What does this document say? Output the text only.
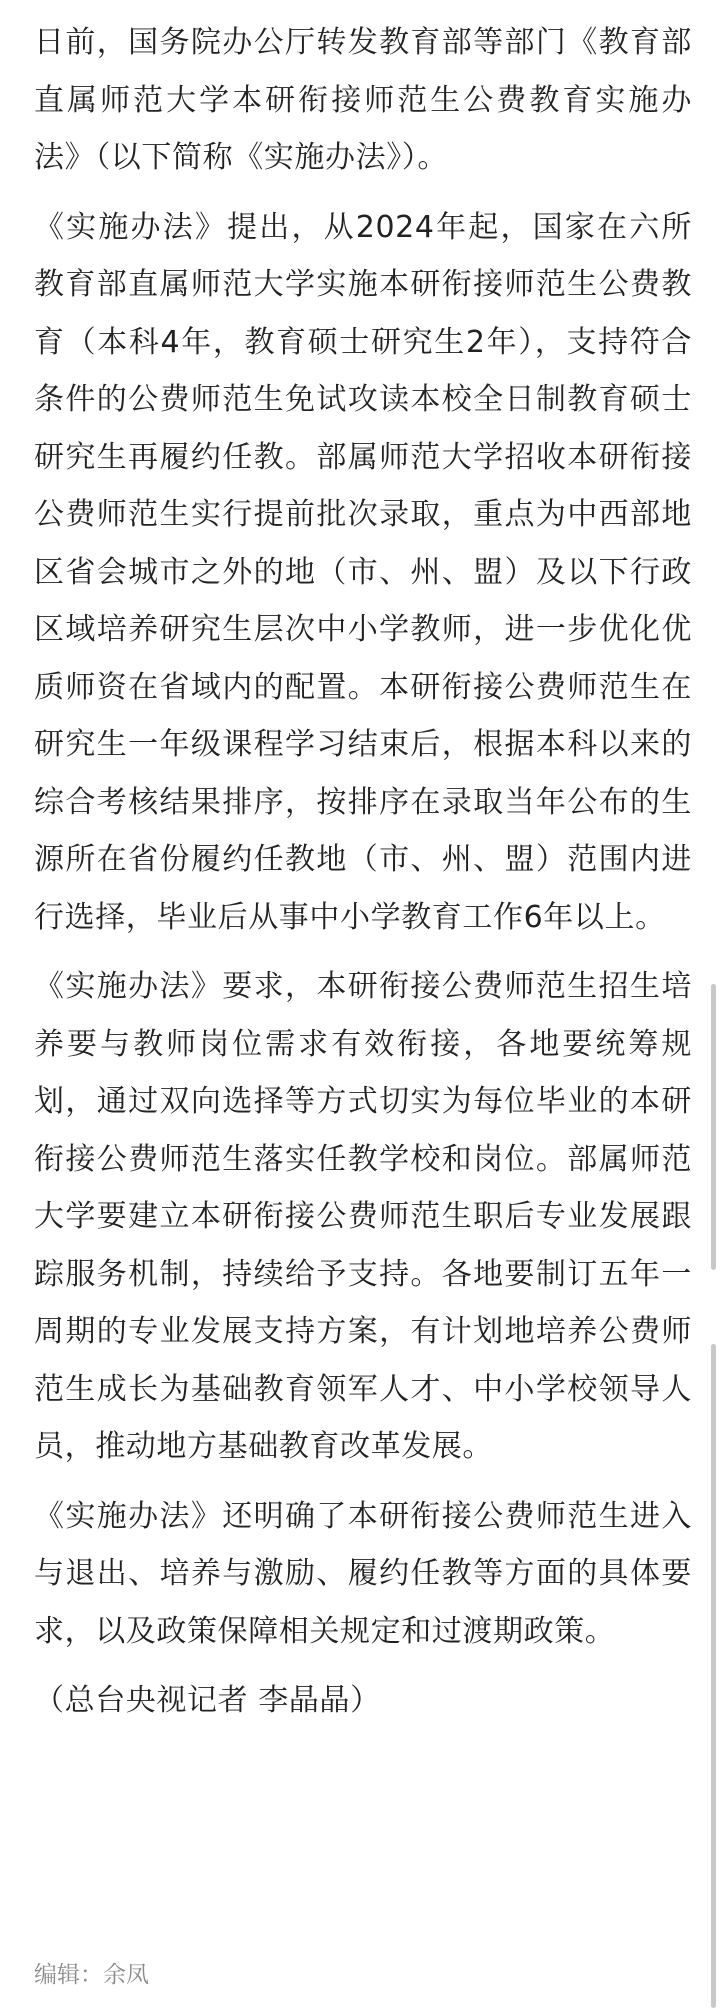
日前，国务院办公厅转发教育部等部门《教育部直属师范大学本研衔接师范生公费教育实施办法》（以下简称《实施办法》）。

《实施办法》提出，从2024年起，国家在六所教育部直属师范大学实施本研衔接师范生公费教育（本科4年，教育硕士研究生2年），支持符合条件的公费师范生免试攻读本校全日制教育硕士研究生再履约任教。部属师范大学招收本研衔接公费师范生实行提前批次录取，重点为中西部地区省会城市之外的地（市、州、盟）及以下行政区域培养研究生层次中小学教师，进一步优化优质师资在省域内的配置。本研衔接公费师范生在研究生一年级课程学习结束后，根据本科以来的综合考核结果排序，按排序在录取当年公布的生源所在省份履约任教地（市、州、盟）范围内进行选择，毕业后从事中小学教育工作6年以上。

《实施办法》要求，本研衔接公费师范生招生培养要与教师岗位需求有效衔接，各地要统筹规划，通过双向选择等方式切实为每位毕业的本研衔接公费师范生落实任教学校和岗位。部属师范大学要建立本研衔接公费师范生职后专业发展跟踪服务机制，持续给予支持。各地要制订五年一周期的专业发展支持方案，有计划地培养公费师范生成长为基础教育领军人才、中小学校领导人员，推动地方基础教育改革发展。

《实施办法》还明确了本研衔接公费师范生进入与退出、培养与激励、履约任教等方面的具体要求，以及政策保障相关规定和过渡期政策。

（总台央视记者 李晶晶）

编辑：余凤
